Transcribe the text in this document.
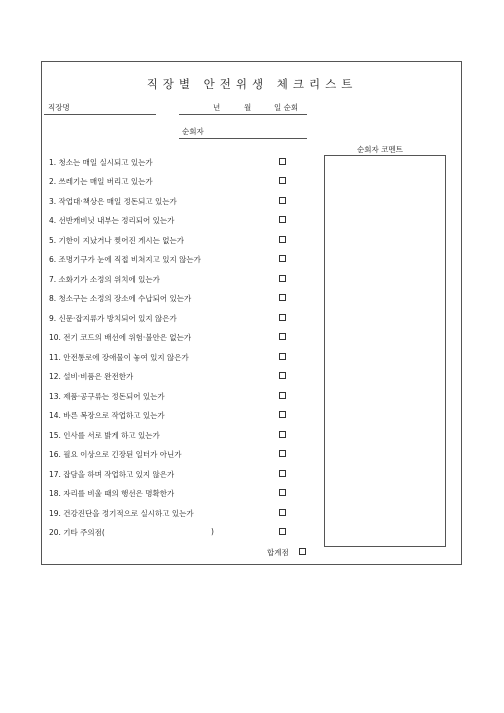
직장별 안전위생 체크리스트
직장명	년	월	일 순회
순회자
순회자 코멘트
1. 청소는 매일 실시되고 있는가
2. 쓰레기는 매일 버리고 있는가
3. 작업대·책상은 매일 정돈되고 있는가
4. 선반캐비닛 내부는 정리되어 있는가
5. 기한이 지났거나 찢어진 게시는 없는가
6. 조명기구가 눈에 직접 비쳐지고 있지 않는가
7. 소화기가 소정의 위치에 있는가
8. 청소구는 소정의 장소에 수납되어 있는가
9. 신문·잡지류가 방치되어 있지 않은가
10. 전기 코드의 배선에 위험·불안은 없는가
11. 안전통로에 장애물이 놓여 있지 않은가
12. 설비·비품은 완전한가
13. 제품·공구류는 정돈되어 있는가
14. 바른 복장으로 작업하고 있는가
15. 인사를 서로 밝게 하고 있는가
16. 필요 이상으로 긴장된 일터가 아닌가
17. 잡담을 하며 작업하고 있지 않은가
18. 자리를 비울 때의 행선은 명확한가
19. 건강진단을 정기적으로 실시하고 있는가
20. 기타 주의점(	)
합계점
